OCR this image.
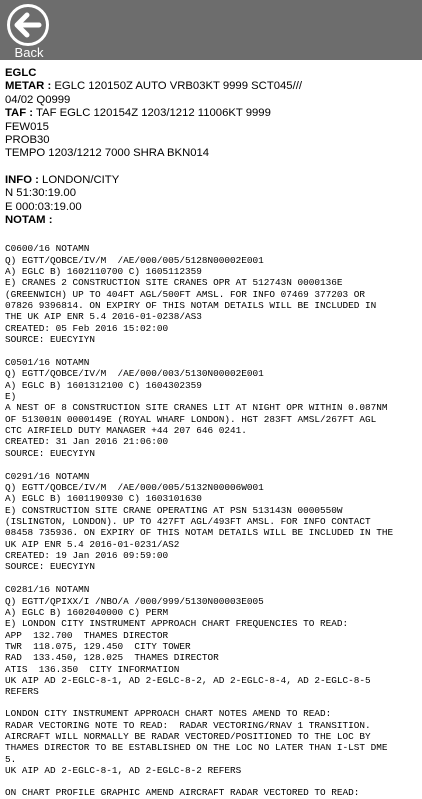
Back
EGLC
METAR : EGLC 120150Z AUTO VRB03KT 9999 SCT045///
04/02 Q0999
TAF : TAF EGLC 120154Z 1203/1212 11006KT 9999
FEW015
PROB30
TEMPO 1203/1212 7000 SHRA BKN014
INFO : LONDON/CITY
N 51:30:19.00
E 000:03:19.00
NOTAM :
C0600/16 NOTAMN
Q) EGTT/QOBCE/IV/M  /AE/000/005/5128N00002E001
A) EGLC B) 1602110700 C) 1605112359
E) CRANES 2 CONSTRUCTION SITE CRANES OPR AT 512743N 0000136E
(GREENWICH) UP TO 404FT AGL/500FT AMSL. FOR INFO 07469 377203 OR
07826 9396814. ON EXPIRY OF THIS NOTAM DETAILS WILL BE INCLUDED IN
THE UK AIP ENR 5.4 2016-01-0238/AS3
CREATED: 05 Feb 2016 15:02:00
SOURCE: EUECYIYN
C0501/16 NOTAMN
Q) EGTT/QOBCE/IV/M  /AE/000/003/5130N00002E001
A) EGLC B) 1601312100 C) 1604302359
E)
A NEST OF 8 CONSTRUCTION SITE CRANES LIT AT NIGHT OPR WITHIN 0.087NM
OF 513001N 0000149E (ROYAL WHARF LONDON). HGT 283FT AMSL/267FT AGL
CTC AIRFIELD DUTY MANAGER +44 207 646 0241.
CREATED: 31 Jan 2016 21:06:00
SOURCE: EUECYIYN
C0291/16 NOTAMN
Q) EGTT/QOBCE/IV/M  /AE/000/005/5132N00006W001
A) EGLC B) 1601190930 C) 1603101630
E) CONSTRUCTION SITE CRANE OPERATING AT PSN 513143N 0000550W
(ISLINGTON, LONDON). UP TO 427FT AGL/493FT AMSL. FOR INFO CONTACT
08458 735936. ON EXPIRY OF THIS NOTAM DETAILS WILL BE INCLUDED IN THE
UK AIP ENR 5.4 2016-01-0231/AS2
CREATED: 19 Jan 2016 09:59:00
SOURCE: EUECYIYN
C0281/16 NOTAMN
Q) EGTT/QPIXX/I /NBO/A /000/999/5130N00003E005
A) EGLC B) 1602040000 C) PERM
E) LONDON CITY INSTRUMENT APPROACH CHART FREQUENCIES TO READ:
APP  132.700  THAMES DIRECTOR
TWR  118.075, 129.450  CITY TOWER
RAD  133.450, 128.025  THAMES DIRECTOR
ATIS  136.350  CITY INFORMATION
UK AIP AD 2-EGLC-8-1, AD 2-EGLC-8-2, AD 2-EGLC-8-4, AD 2-EGLC-8-5
REFERS
LONDON CITY INSTRUMENT APPROACH CHART NOTES AMEND TO READ:
RADAR VECTORING NOTE TO READ:  RADAR VECTORING/RNAV 1 TRANSITION.
AIRCRAFT WILL NORMALLY BE RADAR VECTORED/POSITIONED TO THE LOC BY
THAMES DIRECTOR TO BE ESTABLISHED ON THE LOC NO LATER THAN I-LST DME
5.
UK AIP AD 2-EGLC-8-1, AD 2-EGLC-8-2 REFERS
ON CHART PROFILE GRAPHIC AMEND AIRCRAFT RADAR VECTORED TO READ:
